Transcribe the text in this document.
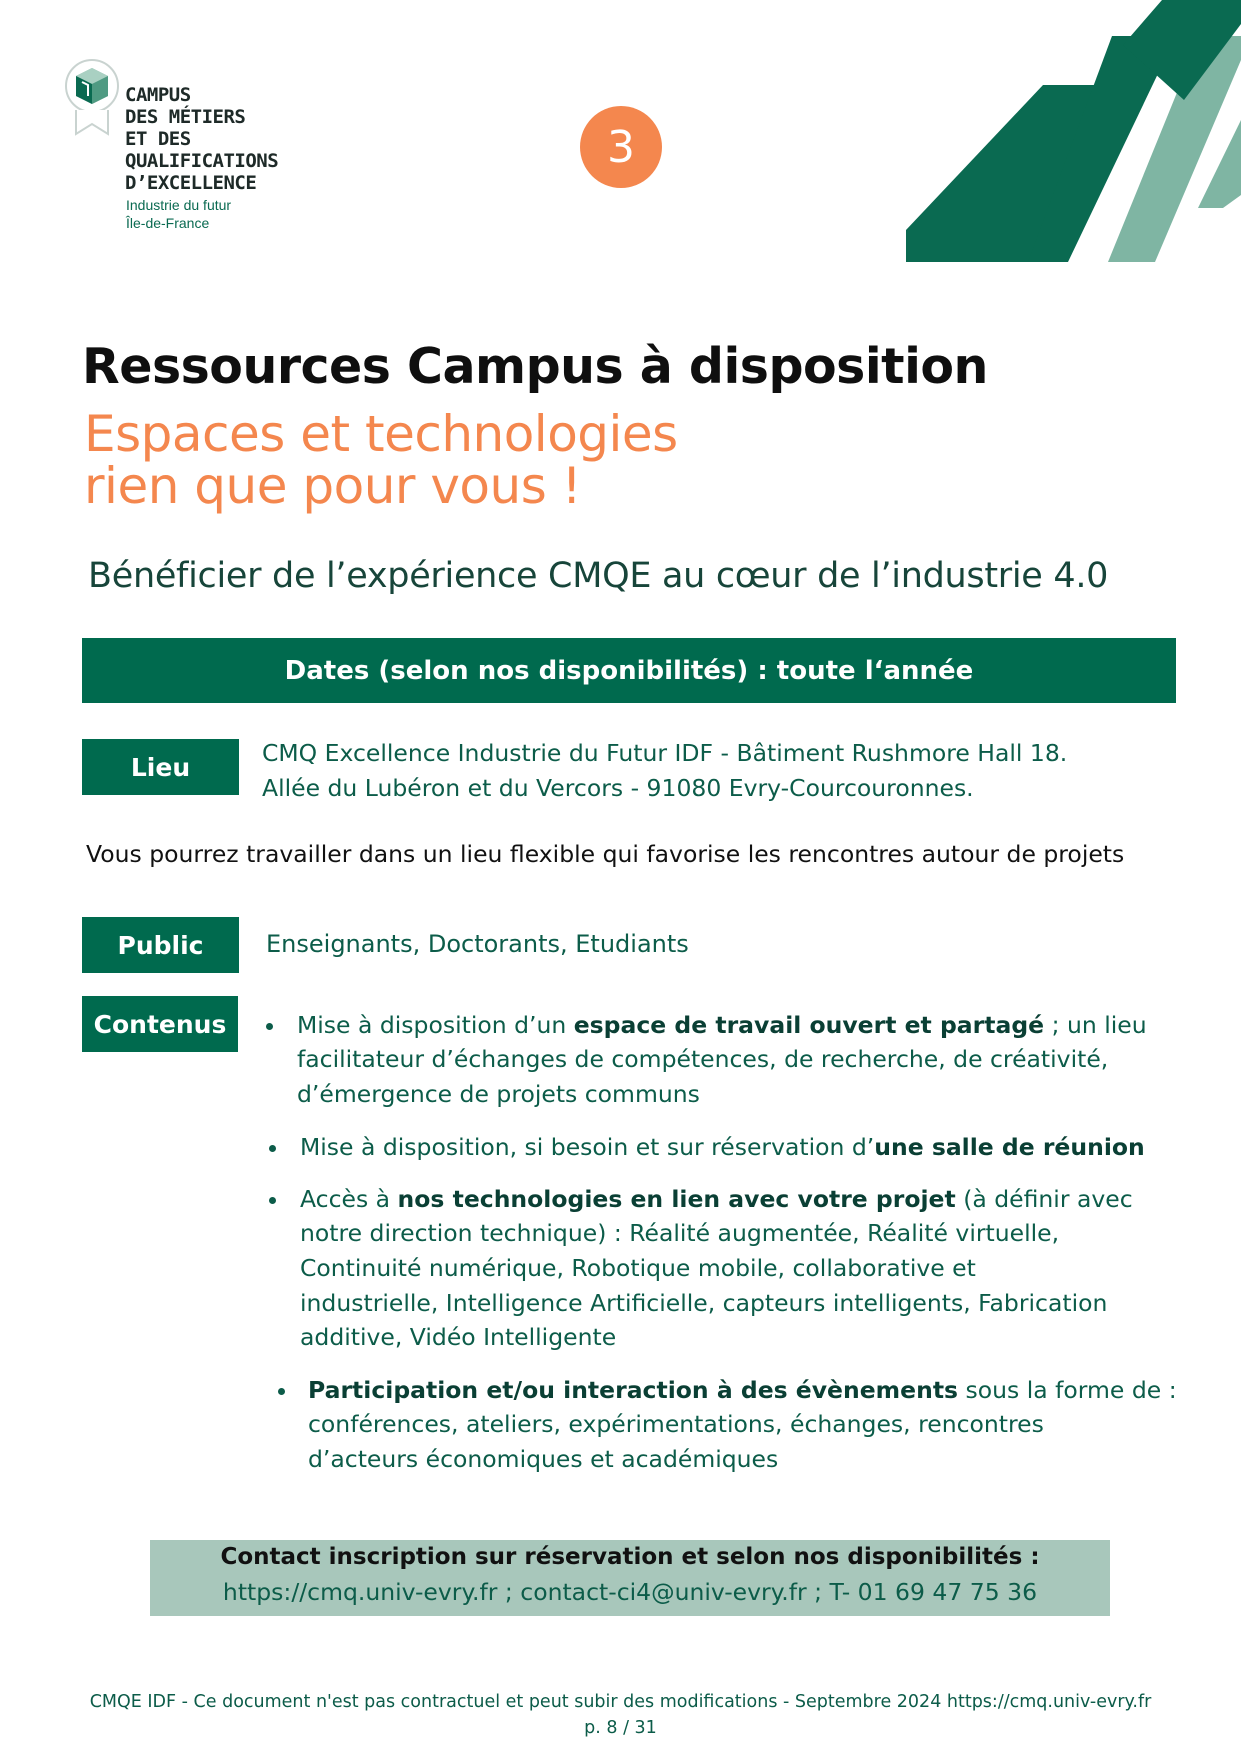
CAMPUS
DES MÉTIERS
ET DES
QUALIFICATIONS
D’EXCELLENCE
Industrie du futur
Île-de-France
3
Ressources Campus à disposition
Espaces et technologies
rien que pour vous !
Bénéficier de l’expérience CMQE au cœur de l’industrie 4.0
Dates (selon nos disponibilités) : toute l‘année
Lieu	CMQ Excellence Industrie du Futur IDF - Bâtiment Rushmore Hall 18.
Allée du Lubéron et du Vercors - 91080 Evry-Courcouronnes.
Vous pourrez travailler dans un lieu flexible qui favorise les rencontres autour de projets
Public	Enseignants, Doctorants, Etudiants
Contenus	Mise à disposition d’un espace de travail ouvert et partagé ; un lieu
facilitateur d’échanges de compétences, de recherche, de créativité,
d’émergence de projets communs
Mise à disposition, si besoin et sur réservation d’une salle de réunion
Accès à nos technologies en lien avec votre projet (à définir avec
notre direction technique) : Réalité augmentée, Réalité virtuelle,
Continuité numérique, Robotique mobile, collaborative et
industrielle, Intelligence Artificielle, capteurs intelligents, Fabrication
additive, Vidéo Intelligente
Participation et/ou interaction à des évènements sous la forme de :
conférences, ateliers, expérimentations, échanges, rencontres
d’acteurs économiques et académiques
Contact inscription sur réservation et selon nos disponibilités :
https://cmq.univ-evry.fr ; contact-ci4@univ-evry.fr ; T- 01 69 47 75 36
CMQE IDF - Ce document n'est pas contractuel et peut subir des modifications - Septembre 2024 https://cmq.univ-evry.fr
p. 8 / 31
